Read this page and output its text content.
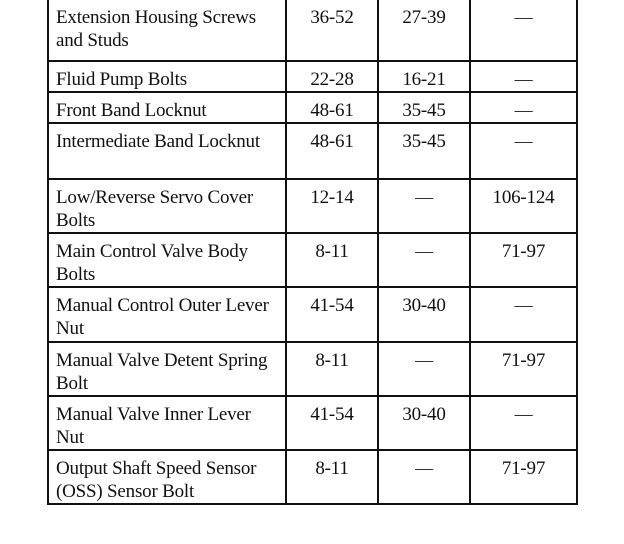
Extension Housing Screws and Studs	36-52	27-39	—
Fluid Pump Bolts	22-28	16-21	—
Front Band Locknut	48-61	35-45	—
Intermediate Band Locknut	48-61	35-45	—
Low/Reverse Servo Cover Bolts	12-14	—	106-124
Main Control Valve Body Bolts	8-11	—	71-97
Manual Control Outer Lever Nut	41-54	30-40	—
Manual Valve Detent Spring Bolt	8-11	—	71-97
Manual Valve Inner Lever Nut	41-54	30-40	—
Output Shaft Speed Sensor (OSS) Sensor Bolt	8-11	—	71-97
